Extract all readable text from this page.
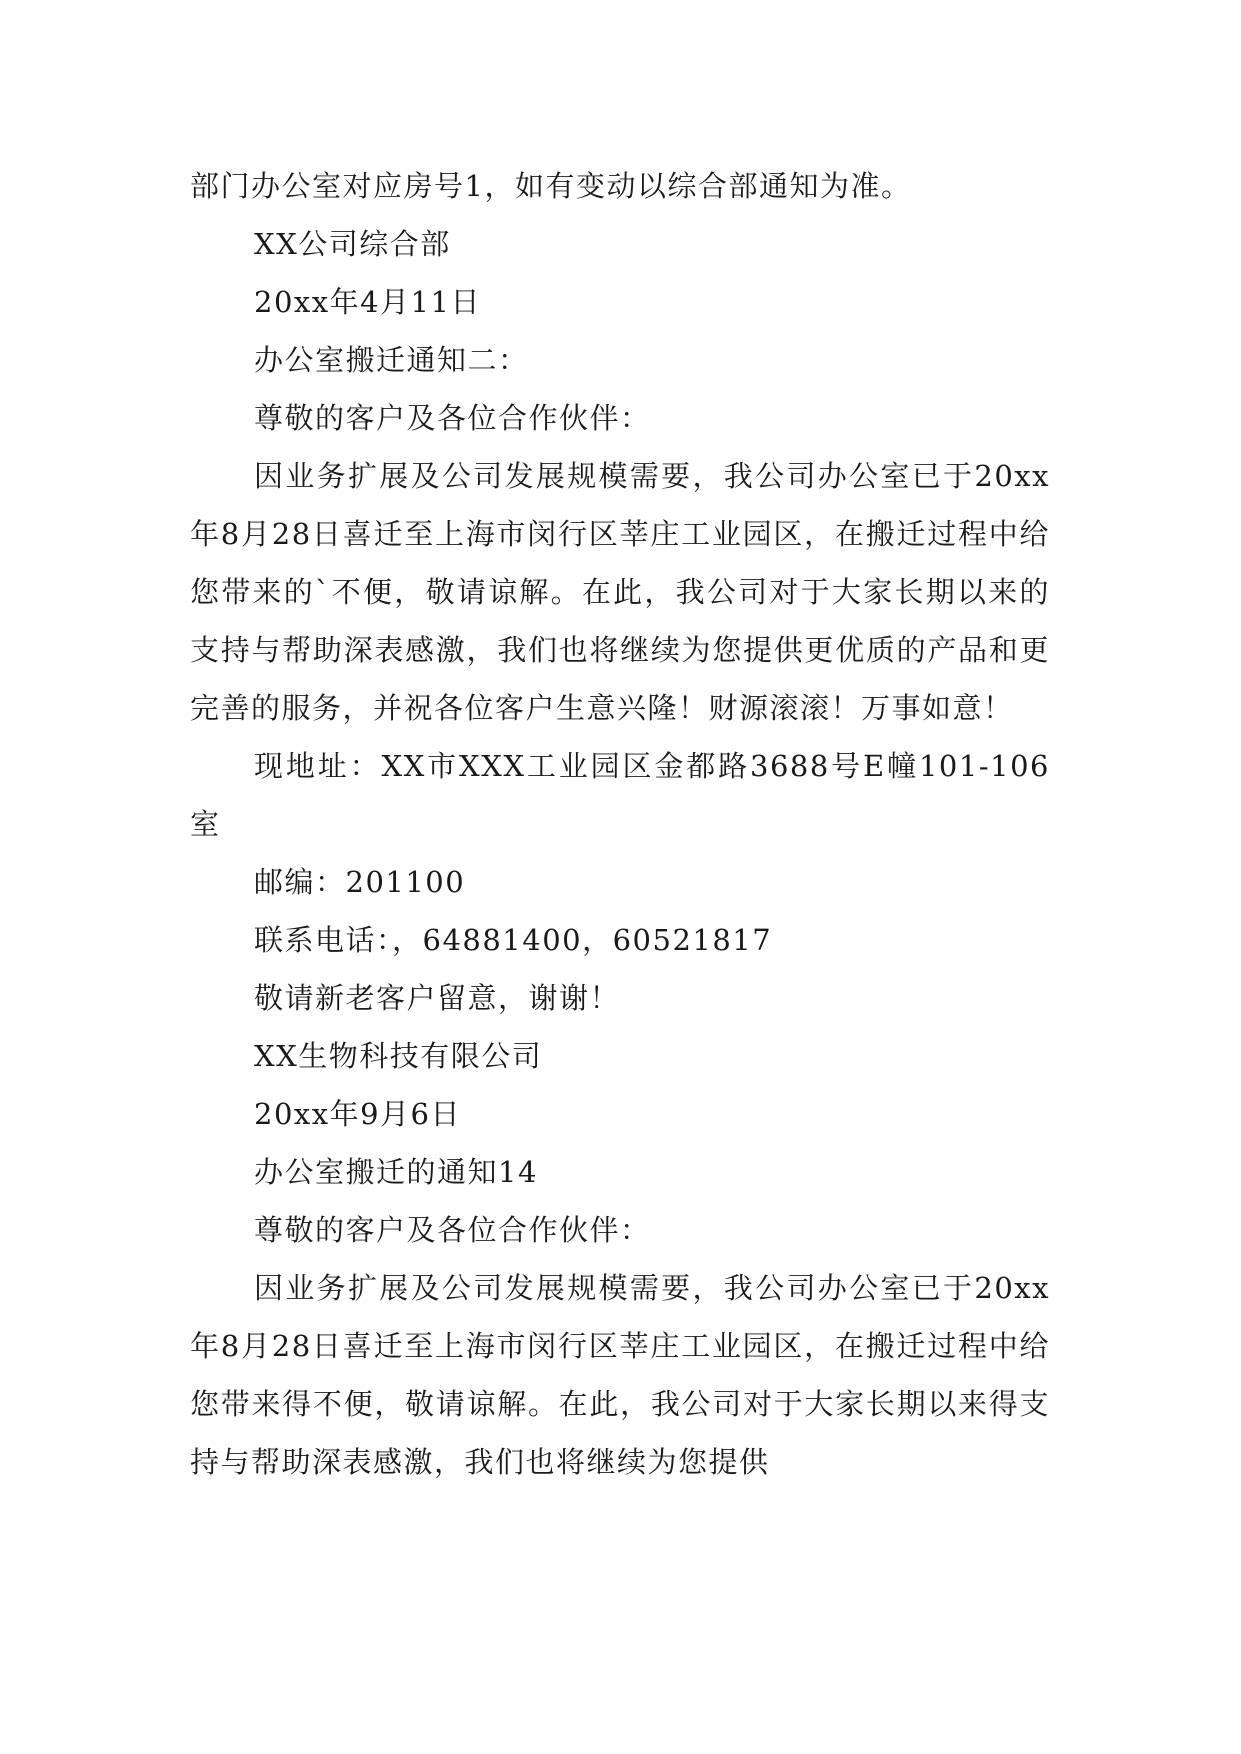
部门办公室对应房号1，如有变动以综合部通知为准。

XX公司综合部

20xx年4月11日

办公室搬迁通知二：

尊敬的客户及各位合作伙伴：

因业务扩展及公司发展规模需要，我公司办公室已于20xx年8月28日喜迁至上海市闵行区莘庄工业园区，在搬迁过程中给您带来的`不便，敬请谅解。在此，我公司对于大家长期以来的支持与帮助深表感激，我们也将继续为您提供更优质的产品和更完善的服务，并祝各位客户生意兴隆！财源滚滚！万事如意！

现地址：XX市XXX工业园区金都路3688号E幢101-106室

邮编：201100

联系电话：，64881400，60521817

敬请新老客户留意，谢谢！

XX生物科技有限公司

20xx年9月6日

办公室搬迁的通知14

尊敬的客户及各位合作伙伴：

因业务扩展及公司发展规模需要，我公司办公室已于20xx年8月28日喜迁至上海市闵行区莘庄工业园区，在搬迁过程中给您带来得不便，敬请谅解。在此，我公司对于大家长期以来得支持与帮助深表感激，我们也将继续为您提供
